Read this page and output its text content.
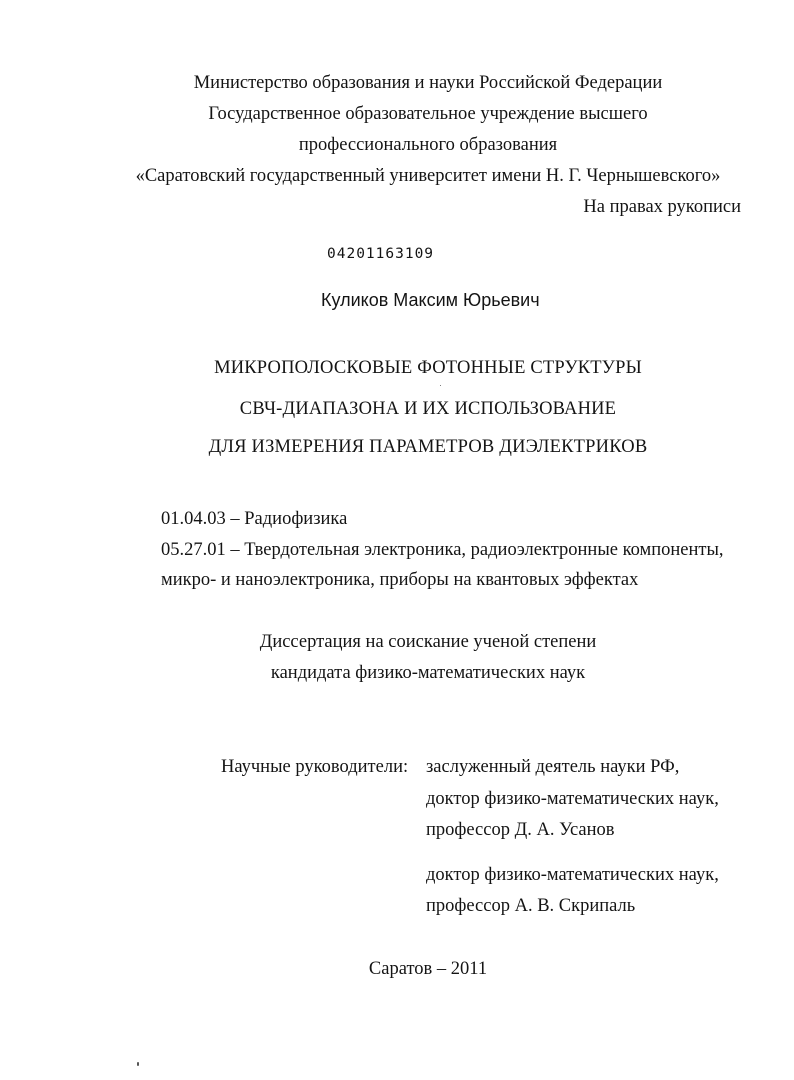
Министерство образования и науки Российской Федерации
Государственное образовательное учреждение высшего
профессионального образования
«Саратовский государственный университет имени Н. Г. Чернышевского»
На правах рукописи
04201163109
Куликов Максим Юрьевич
МИКРОПОЛОСКОВЫЕ ФОТОННЫЕ СТРУКТУРЫ
СВЧ-ДИАПАЗОНА И ИХ ИСПОЛЬЗОВАНИЕ
ДЛЯ ИЗМЕРЕНИЯ ПАРАМЕТРОВ ДИЭЛЕКТРИКОВ
01.04.03 – Радиофизика
05.27.01 – Твердотельная электроника, радиоэлектронные компоненты,
микро- и наноэлектроника, приборы на квантовых эффектах
Диссертация на соискание ученой степени
кандидата физико-математических наук
Научные руководители: заслуженный деятель науки РФ,
доктор физико-математических наук,
профессор Д. А. Усанов
доктор физико-математических наук,
профессор А. В. Скрипаль
Саратов – 2011
